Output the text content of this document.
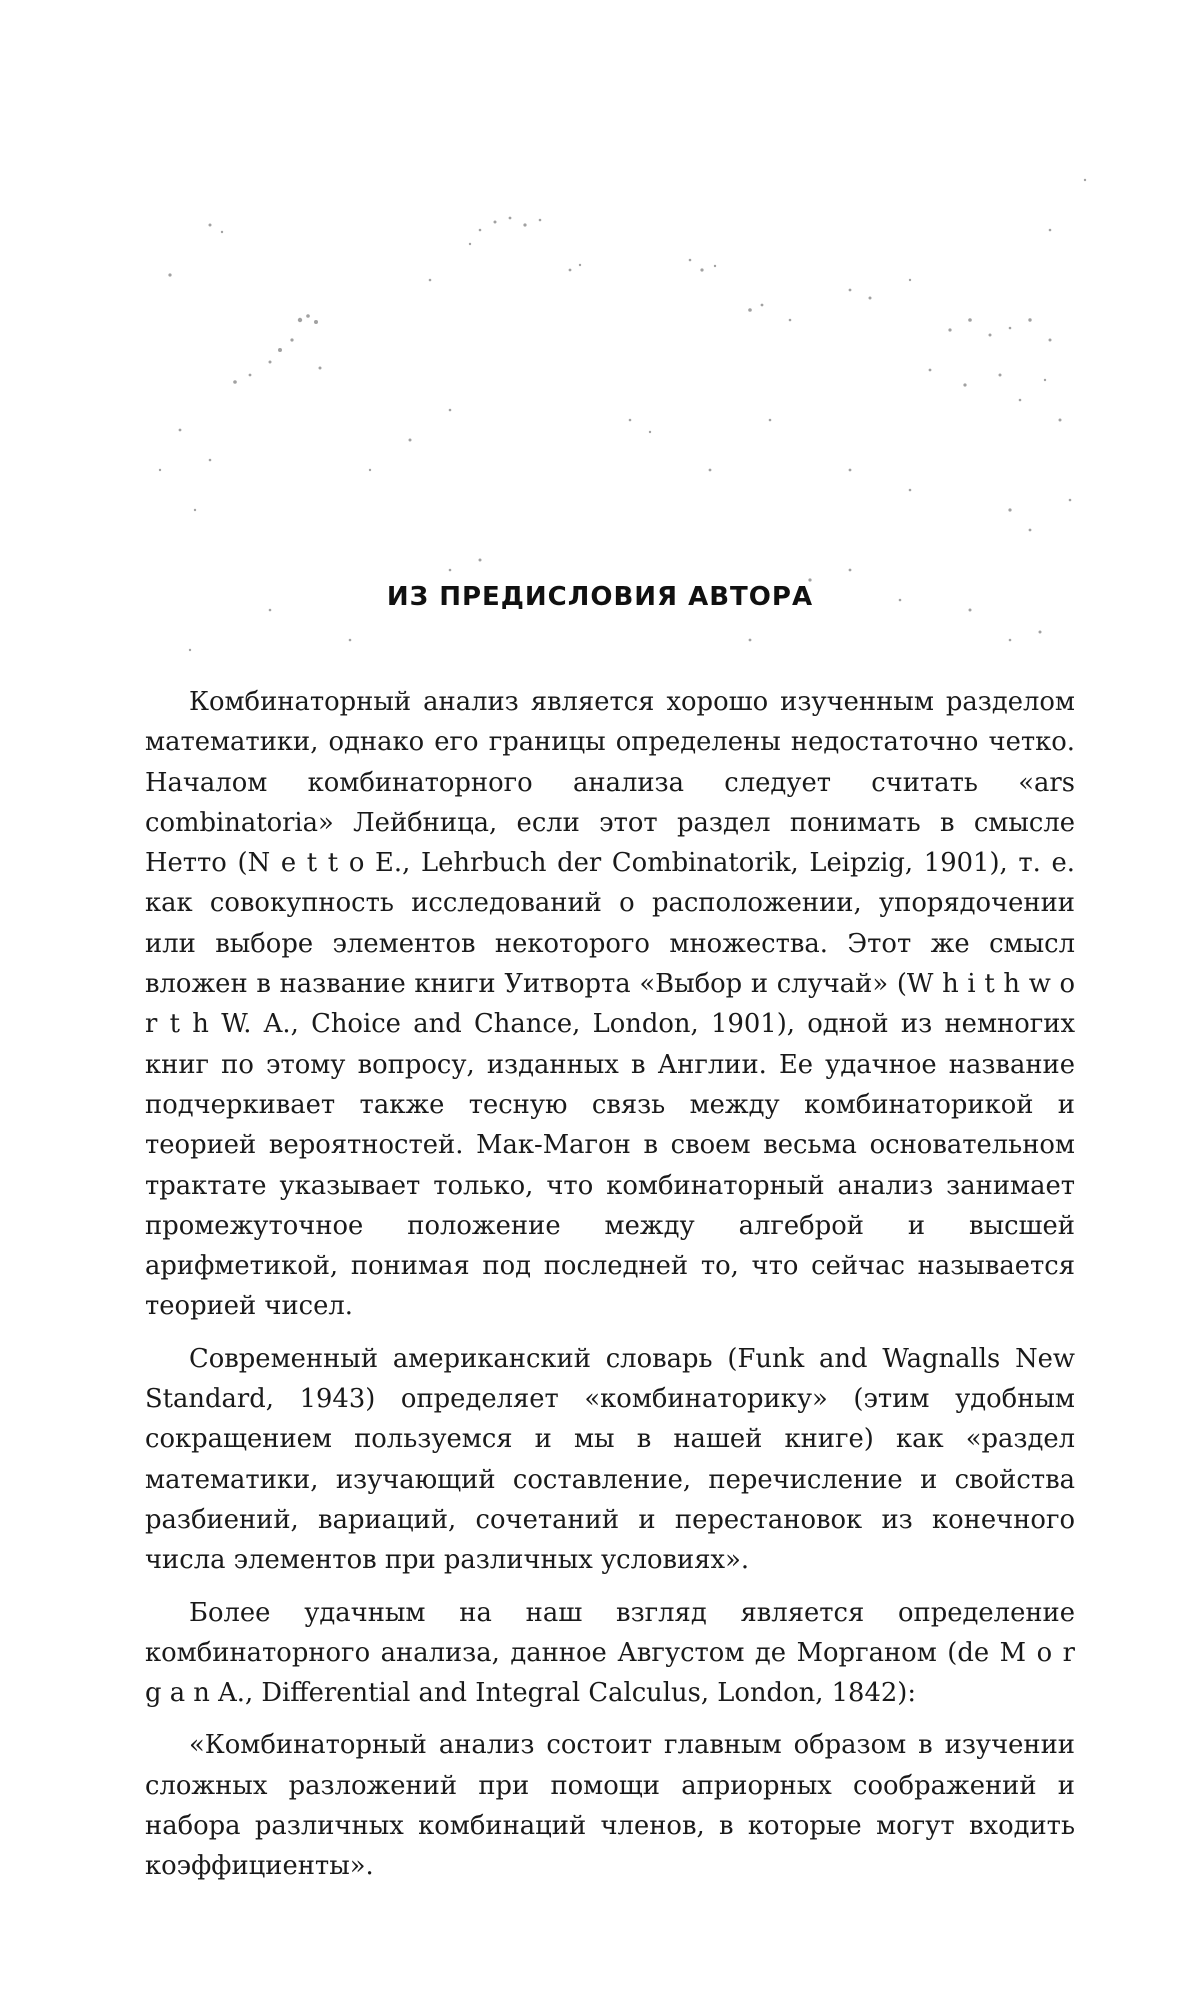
ИЗ ПРЕДИСЛОВИЯ АВТОРА

Комбинаторный анализ является хорошо изученным разделом математики, однако его границы определены недостаточно четко. Началом комбинаторного анализа следует считать «ars combinatoria» Лейбница, если этот раздел понимать в смысле Нетто (N e t t o E., Lehrbuch der Combinatorik, Leipzig, 1901), т. е. как совокупность исследований о расположении, упорядочении или выборе элементов некоторого множества. Этот же смысл вложен в название книги Уитворта «Выбор и случай» (W h i t h w o r t h W. A., Choice and Chance, London, 1901), одной из немногих книг по этому вопросу, изданных в Англии. Ее удачное название подчеркивает также тесную связь между комбинаторикой и теорией вероятностей. Мак-Магон в своем весьма основательном трактате указывает только, что комбинаторный анализ занимает промежуточное положение между алгеброй и высшей арифметикой, понимая под последней то, что сейчас называется теорией чисел.

Современный американский словарь (Funk and Wagnalls New Standard, 1943) определяет «комбинаторику» (этим удобным сокращением пользуемся и мы в нашей книге) как «раздел математики, изучающий составление, перечисление и свойства разбиений, вариаций, сочетаний и перестановок из конечного числа элементов при различных условиях».

Более удачным на наш взгляд является определение комбинаторного анализа, данное Августом де Морганом (de M o r g a n A., Differential and Integral Calculus, London, 1842):

«Комбинаторный анализ состоит главным образом в изучении сложных разложений при помощи априорных соображений и набора различных комбинаций членов, в которые могут входить коэффициенты».
